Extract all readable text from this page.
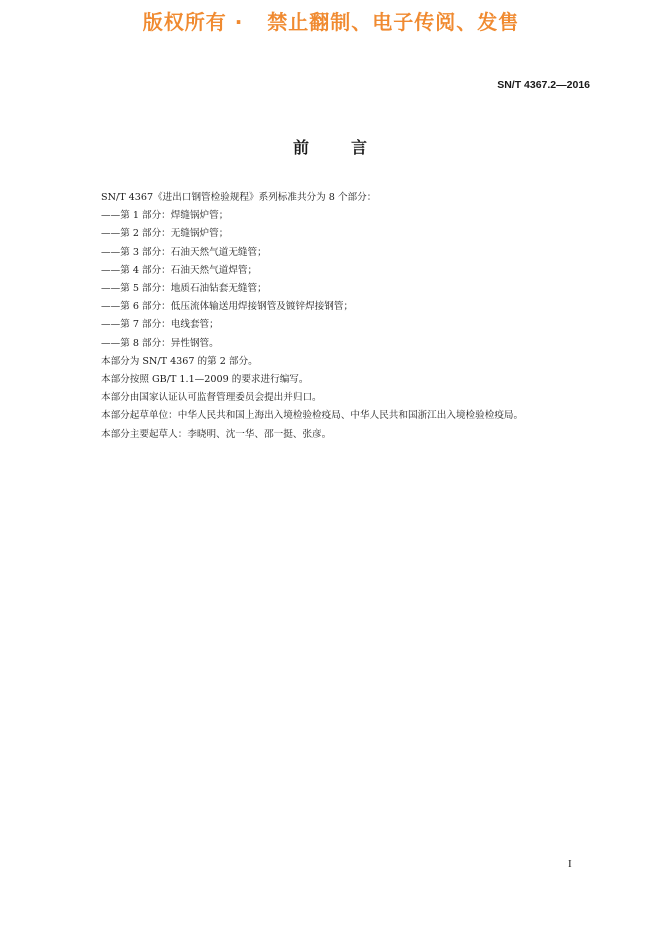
版权所有 ·   禁止翻制、电子传阅、发售
SN/T 4367.2—2016
前	言

SN/T 4367《进出口钢管检验规程》系列标准共分为 8 个部分：

——第 1 部分：焊缝锅炉管；

——第 2 部分：无缝锅炉管；

——第 3 部分：石油天然气道无缝管；

——第 4 部分：石油天然气道焊管；

——第 5 部分：地质石油钻套无缝管；

——第 6 部分：低压流体输送用焊接钢管及镀锌焊接钢管；

——第 7 部分：电线套管；

——第 8 部分：异性钢管。

本部分为 SN/T 4367 的第 2 部分。

本部分按照 GB/T 1.1—2009 的要求进行编写。

本部分由国家认证认可监督管理委员会提出并归口。

本部分起草单位：中华人民共和国上海出入境检验检疫局、中华人民共和国浙江出入境检验检疫局。

本部分主要起草人：李晓明、沈一华、邵一挺、张彦。

I
